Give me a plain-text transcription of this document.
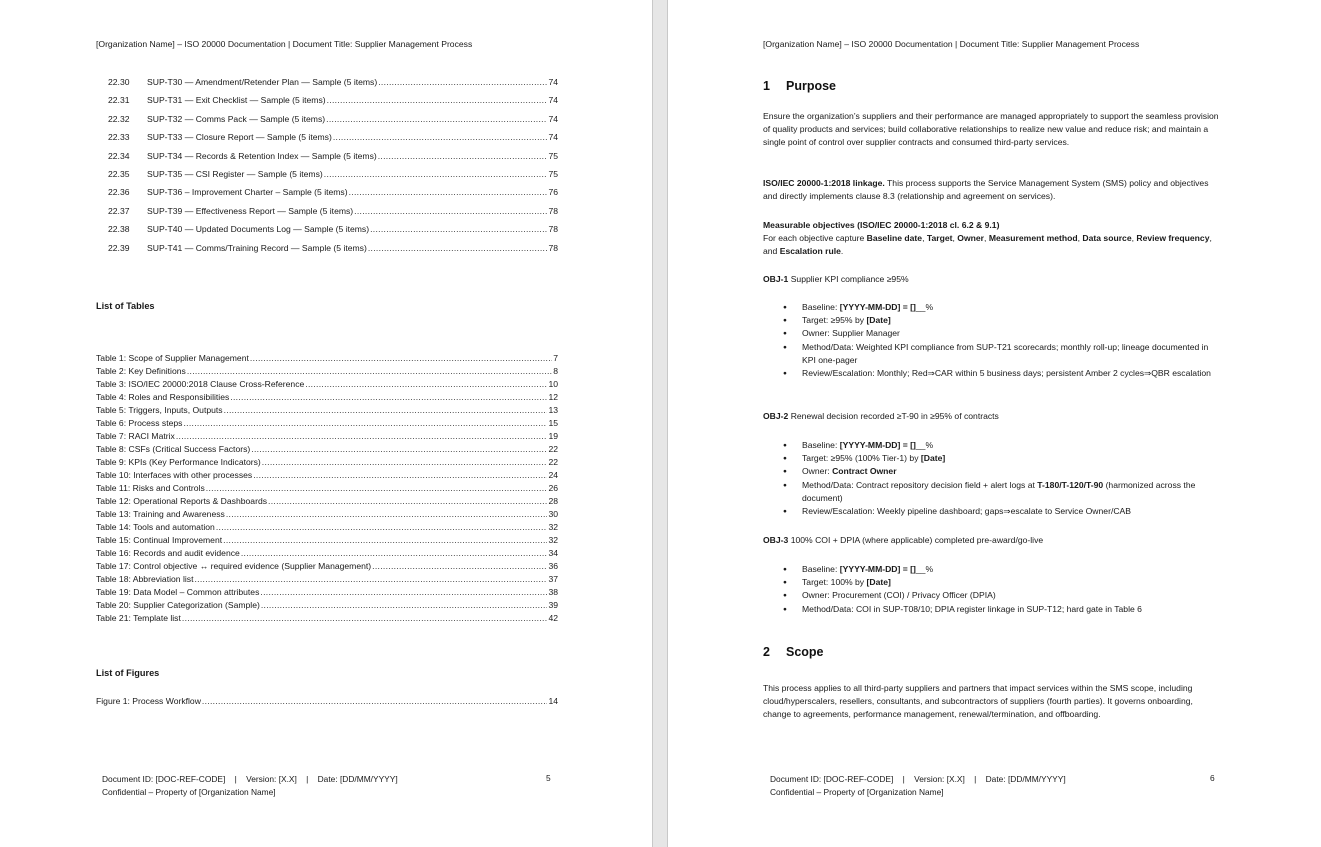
[Organization Name] – ISO 20000 Documentation | Document Title: Supplier Management Process
22.30	SUP-T30 — Amendment/Retender Plan — Sample (5 items) .....	74
22.31	SUP-T31 — Exit Checklist — Sample (5 items) .....	74
22.32	SUP-T32 — Comms Pack — Sample (5 items) .....	74
22.33	SUP-T33 — Closure Report — Sample (5 items) .....	74
22.34	SUP-T34 — Records & Retention Index — Sample (5 items) .....	75
22.35	SUP-T35 — CSI Register — Sample (5 items) .....	75
22.36	SUP-T36 – Improvement Charter – Sample (5 items) .....	76
22.37	SUP-T39 — Effectiveness Report — Sample (5 items) .....	78
22.38	SUP-T40 — Updated Documents Log — Sample (5 items) .....	78
22.39	SUP-T41 — Comms/Training Record — Sample (5 items) .....	78
List of Tables
Table 1: Scope of Supplier Management .....	7
Table 2: Key Definitions .....	8
Table 3: ISO/IEC 20000:2018 Clause Cross-Reference .....	10
Table 4: Roles and Responsibilities .....	12
Table 5: Triggers, Inputs, Outputs .....	13
Table 6: Process steps .....	15
Table 7: RACI Matrix .....	19
Table 8: CSFs (Critical Success Factors) .....	22
Table 9: KPIs (Key Performance Indicators) .....	22
Table 10: Interfaces with other processes .....	24
Table 11: Risks and Controls .....	26
Table 12: Operational Reports & Dashboards .....	28
Table 13: Training and Awareness .....	30
Table 14: Tools and automation .....	32
Table 15: Continual Improvement .....	32
Table 16: Records and audit evidence .....	34
Table 17: Control objective ↔ required evidence (Supplier Management) .....	36
Table 18: Abbreviation list .....	37
Table 19: Data Model – Common attributes .....	38
Table 20: Supplier Categorization (Sample) .....	39
Table 21: Template list .....	42
List of Figures
Figure 1: Process Workflow .....	14
Document ID: [DOC-REF-CODE]    |    Version: [X.X]    |    Date: [DD/MM/YYYY]
Confidential – Property of [Organization Name]
5
[Organization Name] – ISO 20000 Documentation | Document Title: Supplier Management Process
1 Purpose

Ensure the organization’s suppliers and their performance are managed appropriately to support the seamless provision of quality products and services; build collaborative relationships to realize new value and reduce risk; and maintain a single point of control over supplier contracts and consumed third-party services.

ISO/IEC 20000-1:2018 linkage. This process supports the Service Management System (SMS) policy and objectives and directly implements clause 8.3 (relationship and agreement on services).

Measurable objectives (ISO/IEC 20000-1:2018 cl. 6.2 & 9.1)

For each objective capture Baseline date, Target, Owner, Measurement method, Data source, Review frequency, and Escalation rule.

OBJ-1 Supplier KPI compliance ≥95%

● Baseline: [YYYY-MM-DD] = []__%
● Target: ≥95% by [Date]
● Owner: Supplier Manager
● Method/Data: Weighted KPI compliance from SUP-T21 scorecards; monthly roll-up; lineage documented in KPI one-pager
● Review/Escalation: Monthly; Red⇒CAR within 5 business days; persistent Amber 2 cycles⇒QBR escalation

OBJ-2 Renewal decision recorded ≥T-90 in ≥95% of contracts

● Baseline: [YYYY-MM-DD] = []__%
● Target: ≥95% (100% Tier-1) by [Date]
● Owner: Contract Owner
● Method/Data: Contract repository decision field + alert logs at T-180/T-120/T-90 (harmonized across the document)
● Review/Escalation: Weekly pipeline dashboard; gaps⇒escalate to Service Owner/CAB

OBJ-3 100% COI + DPIA (where applicable) completed pre-award/go-live

● Baseline: [YYYY-MM-DD] = []__%
● Target: 100% by [Date]
● Owner: Procurement (COI) / Privacy Officer (DPIA)
● Method/Data: COI in SUP-T08/10; DPIA register linkage in SUP-T12; hard gate in Table 6
2 Scope

This process applies to all third-party suppliers and partners that impact services within the SMS scope, including cloud/hyperscalers, resellers, consultants, and subcontractors of suppliers (fourth parties). It governs onboarding, change to agreements, performance management, renewal/termination, and offboarding.

Document ID: [DOC-REF-CODE]    |    Version: [X.X]    |    Date: [DD/MM/YYYY]
Confidential – Property of [Organization Name]
6
